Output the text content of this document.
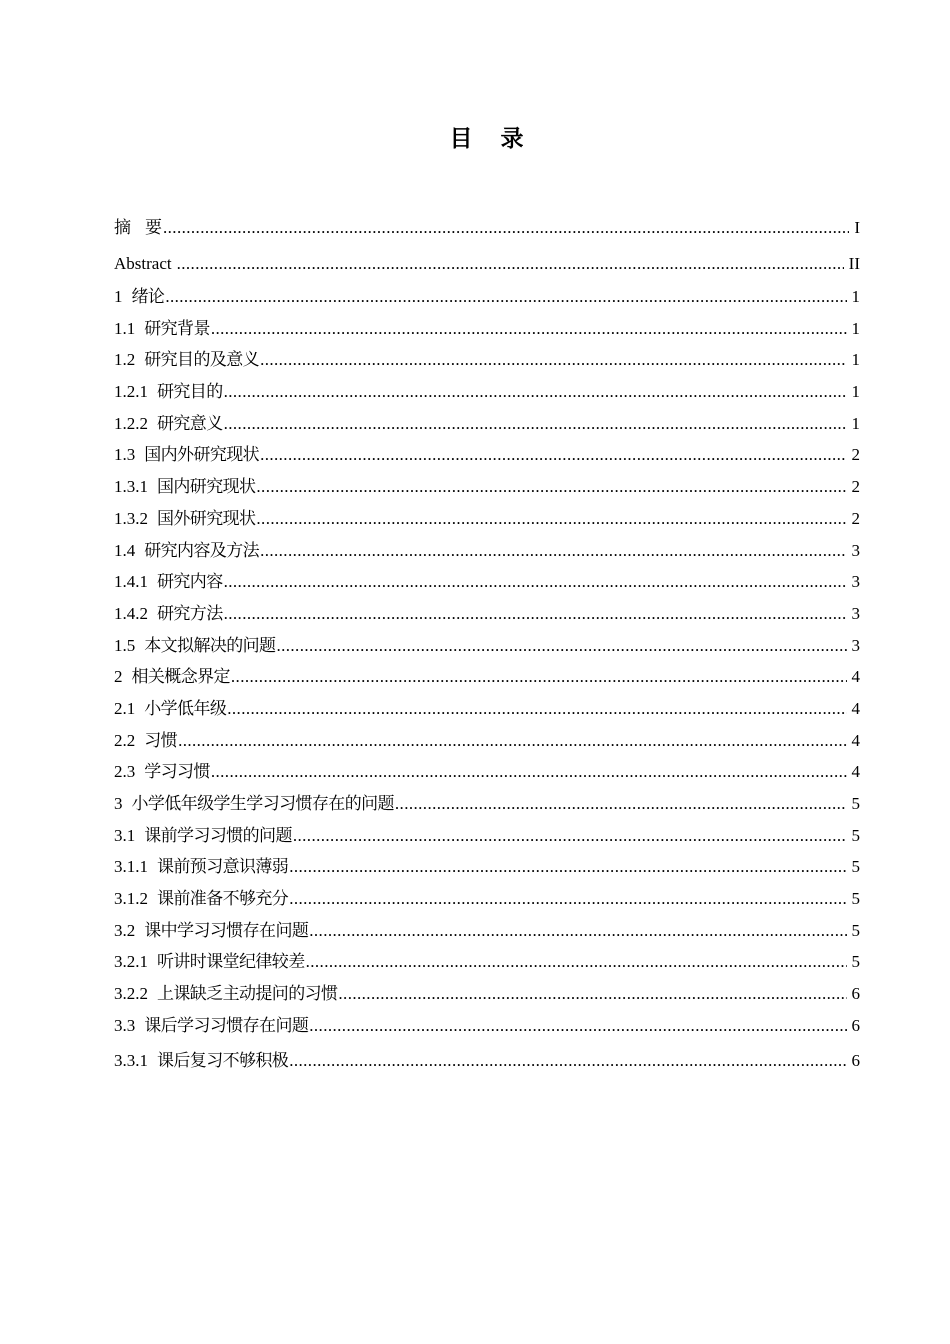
目 录
摘 要 .....	I
Abstract .....	II
1 绪论 .....	1
1.1 研究背景 .....	1
1.2 研究目的及意义 .....	1
1.2.1 研究目的 .....	1
1.2.2 研究意义 .....	1
1.3 国内外研究现状 .....	2
1.3.1 国内研究现状 .....	2
1.3.2 国外研究现状 .....	2
1.4 研究内容及方法 .....	3
1.4.1 研究内容 .....	3
1.4.2 研究方法 .....	3
1.5 本文拟解决的问题 .....	3
2 相关概念界定 .....	4
2.1 小学低年级 .....	4
2.2 习惯 .....	4
2.3 学习习惯 .....	4
3 小学低年级学生学习习惯存在的问题 .....	5
3.1 课前学习习惯的问题 .....	5
3.1.1 课前预习意识薄弱 .....	5
3.1.2 课前准备不够充分 .....	5
3.2 课中学习习惯存在问题 .....	5
3.2.1 听讲时课堂纪律较差 .....	5
3.2.2 上课缺乏主动提问的习惯 .....	6
3.3 课后学习习惯存在问题 .....	6
3.3.1 课后复习不够积极 .....	6
